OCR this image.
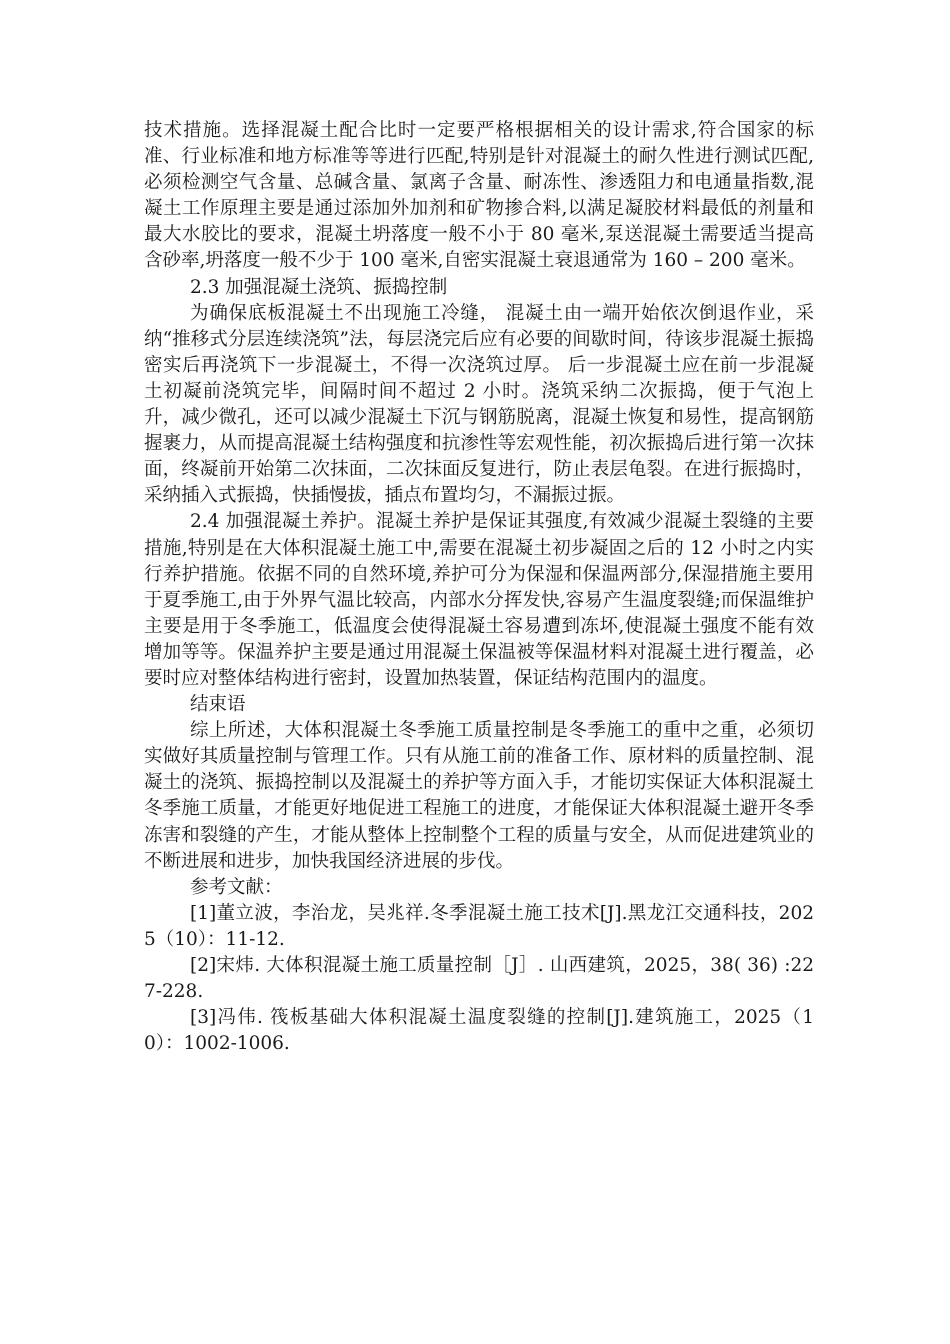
技术措施。选择混凝土配合比时一定要严格根据相关的设计需求,符合国家的标准、行业标准和地方标准等等进行匹配,特别是针对混凝土的耐久性进行测试匹配,必须检测空气含量、总碱含量、氯离子含量、耐冻性、渗透阻力和电通量指数,混凝土工作原理主要是通过添加外加剂和矿物掺合料,以满足凝胶材料最低的剂量和最大水胶比的要求，混凝土坍落度一般不小于 80 毫米,泵送混凝土需要适当提高含砂率,坍落度一般不少于 100 毫米,自密实混凝土衰退通常为 160 – 200 毫米。

2.3 加强混凝土浇筑、振捣控制

为确保底板混凝土不出现施工冷缝， 混凝土由一端开始依次倒退作业，采纳“推移式分层连续浇筑”法，每层浇完后应有必要的间歇时间，待该步混凝土振捣密实后再浇筑下一步混凝土，不得一次浇筑过厚。 后一步混凝土应在前一步混凝土初凝前浇筑完毕，间隔时间不超过 2 小时。浇筑采纳二次振捣，便于气泡上升，减少微孔，还可以减少混凝土下沉与钢筋脱离，混凝土恢复和易性，提高钢筋握裹力，从而提高混凝土结构强度和抗渗性等宏观性能，初次振捣后进行第一次抹面，终凝前开始第二次抹面，二次抹面反复进行，防止表层龟裂。在进行振捣时，采纳插入式振捣，快插慢拔，插点布置均匀，不漏振过振。

2.4 加强混凝土养护。混凝土养护是保证其强度,有效减少混凝土裂缝的主要措施,特别是在大体积混凝土施工中,需要在混凝土初步凝固之后的 12 小时之内实行养护措施。依据不同的自然环境,养护可分为保湿和保温两部分,保湿措施主要用于夏季施工,由于外界气温比较高，内部水分挥发快,容易产生温度裂缝;而保温维护主要是用于冬季施工，低温度会使得混凝土容易遭到冻坏,使混凝土强度不能有效增加等等。保温养护主要是通过用混凝土保温被等保温材料对混凝土进行覆盖，必要时应对整体结构进行密封，设置加热装置，保证结构范围内的温度。

结束语

综上所述，大体积混凝土冬季施工质量控制是冬季施工的重中之重，必须切实做好其质量控制与管理工作。只有从施工前的准备工作、原材料的质量控制、混凝土的浇筑、振捣控制以及混凝土的养护等方面入手，才能切实保证大体积混凝土冬季施工质量，才能更好地促进工程施工的进度，才能保证大体积混凝土避开冬季冻害和裂缝的产生，才能从整体上控制整个工程的质量与安全，从而促进建筑业的不断进展和进步，加快我国经济进展的步伐。

参考文献：

[1]董立波，李治龙，吴兆祥.冬季混凝土施工技术[J].黑龙江交通科技，2025（10）：11-12.

[2]宋炜. 大体积混凝土施工质量控制［J］. 山西建筑，2025，38( 36) :227-228.

[3]冯伟. 筏板基础大体积混凝土温度裂缝的控制[J].建筑施工，2025（10）：1002-1006.
